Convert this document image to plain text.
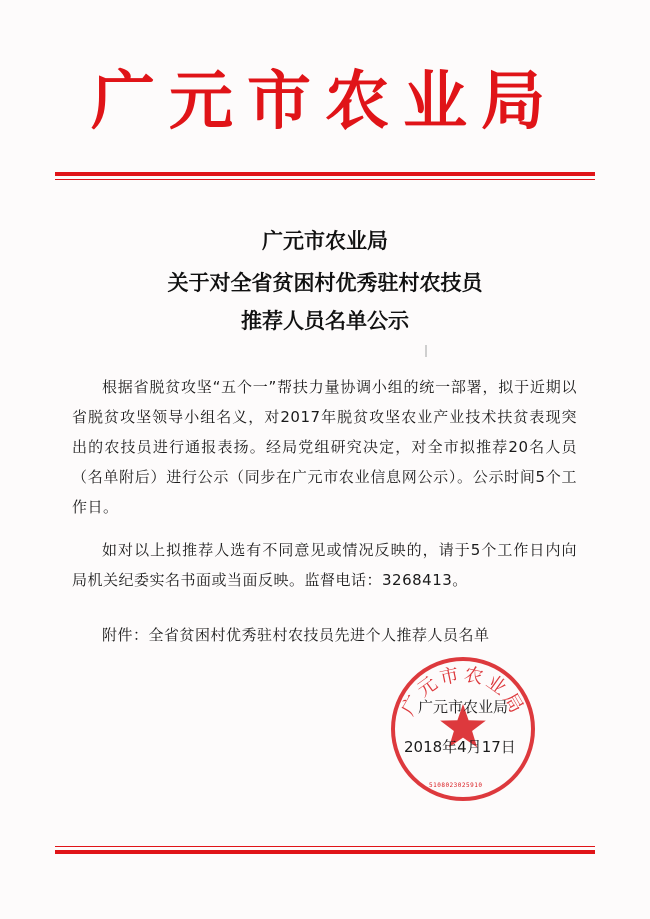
广元市农业局
广元市农业局
关于对全省贫困村优秀驻村农技员
推荐人员名单公示
根据省脱贫攻坚“五个一”帮扶力量协调小组的统一部署，拟于近期以省脱贫攻坚领导小组名义，对2017年脱贫攻坚农业产业技术扶贫表现突出的农技员进行通报表扬。经局党组研究决定，对全市拟推荐20名人员（名单附后）进行公示（同步在广元市农业信息网公示）。公示时间5个工作日。
如对以上拟推荐人选有不同意见或情况反映的，请于5个工作日内向局机关纪委实名书面或当面反映。监督电话：3268413。
附件：全省贫困村优秀驻村农技员先进个人推荐人员名单
广元市农业局
5108023025910
广元市农业局
2018年4月17日
